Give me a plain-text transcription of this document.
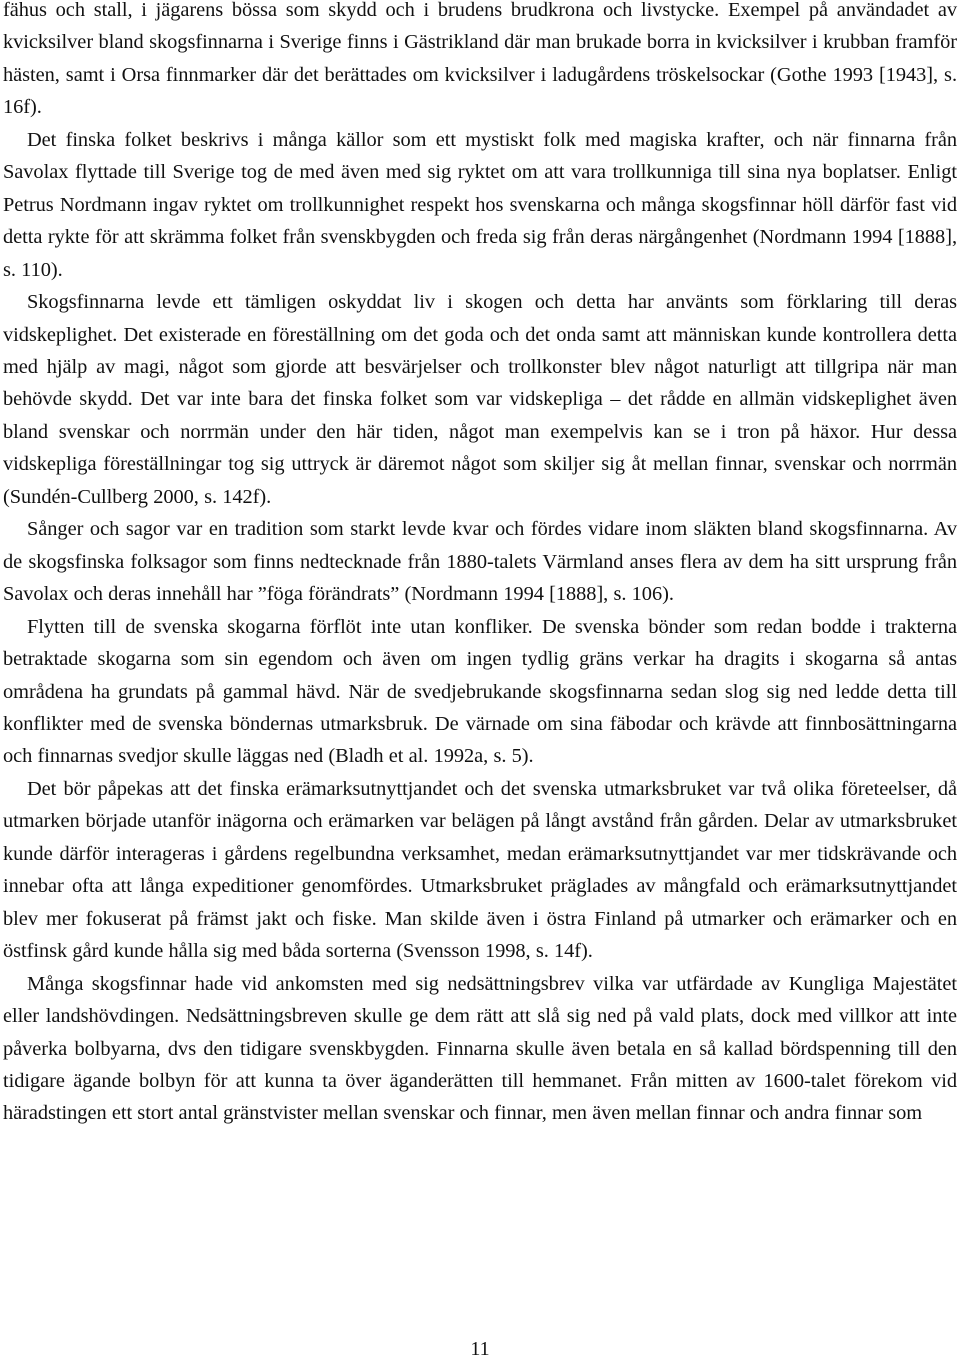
fähus och stall, i jägarens bössa som skydd och i brudens brudkrona och livstycke. Exempel på användadet av kvicksilver bland skogsfinnarna i Sverige finns i Gästrikland där man brukade borra in kvicksilver i krubban framför hästen, samt i Orsa finnmarker där det berättades om kvicksilver i ladugårdens tröskelsockar (Gothe 1993 [1943], s. 16f).

Det finska folket beskrivs i många källor som ett mystiskt folk med magiska krafter, och när finnarna från Savolax flyttade till Sverige tog de med även med sig ryktet om att vara trollkunniga till sina nya boplatser. Enligt Petrus Nordmann ingav ryktet om trollkunnighet respekt hos svenskarna och många skogsfinnar höll därför fast vid detta rykte för att skrämma folket från svenskbygden och freda sig från deras närgångenhet (Nordmann 1994 [1888], s. 110).

Skogsfinnarna levde ett tämligen oskyddat liv i skogen och detta har använts som förklaring till deras vidskeplighet. Det existerade en föreställning om det goda och det onda samt att människan kunde kontrollera detta med hjälp av magi, något som gjorde att besvärjelser och trollkonster blev något naturligt att tillgripa när man behövde skydd. Det var inte bara det finska folket som var vidskepliga – det rådde en allmän vidskeplighet även bland svenskar och norrmän under den här tiden, något man exempelvis kan se i tron på häxor. Hur dessa vidskepliga föreställningar tog sig uttryck är däremot något som skiljer sig åt mellan finnar, svenskar och norrmän (Sundén-Cullberg 2000, s. 142f).

Sånger och sagor var en tradition som starkt levde kvar och fördes vidare inom släkten bland skogsfinnarna. Av de skogsfinska folksagor som finns nedtecknade från 1880-talets Värmland anses flera av dem ha sitt ursprung från Savolax och deras innehåll har ”föga förändrats” (Nordmann 1994 [1888], s. 106).

Flytten till de svenska skogarna förflöt inte utan konfliker. De svenska bönder som redan bodde i trakterna betraktade skogarna som sin egendom och även om ingen tydlig gräns verkar ha dragits i skogarna så antas områdena ha grundats på gammal hävd. När de svedjebrukande skogsfinnarna sedan slog sig ned ledde detta till konflikter med de svenska böndernas utmarksbruk. De värnade om sina fäbodar och krävde att finnbosättningarna och finnarnas svedjor skulle läggas ned (Bladh et al. 1992a, s. 5).

Det bör påpekas att det finska erämarksutnyttjandet och det svenska utmarksbruket var två olika företeelser, då utmarken började utanför inägorna och erämarken var belägen på långt avstånd från gården. Delar av utmarksbruket kunde därför interageras i gårdens regelbundna verksamhet, medan erämarksutnyttjandet var mer tidskrävande och innebar ofta att långa expeditioner genomfördes. Utmarksbruket präglades av mångfald och erämarksutnyttjandet blev mer fokuserat på främst jakt och fiske. Man skilde även i östra Finland på utmarker och erämarker och en östfinsk gård kunde hålla sig med båda sorterna (Svensson 1998, s. 14f).

Många skogsfinnar hade vid ankomsten med sig nedsättningsbrev vilka var utfärdade av Kungliga Majestätet eller landshövdingen. Nedsättningsbreven skulle ge dem rätt att slå sig ned på vald plats, dock med villkor att inte påverka bolbyarna, dvs den tidigare svenskbygden. Finnarna skulle även betala en så kallad bördspenning till den tidigare ägande bolbyn för att kunna ta över äganderätten till hemmanet. Från mitten av 1600-talet förekom vid häradstingen ett stort antal gränstvister mellan svenskar och finnar, men även mellan finnar och andra finnar som

11
